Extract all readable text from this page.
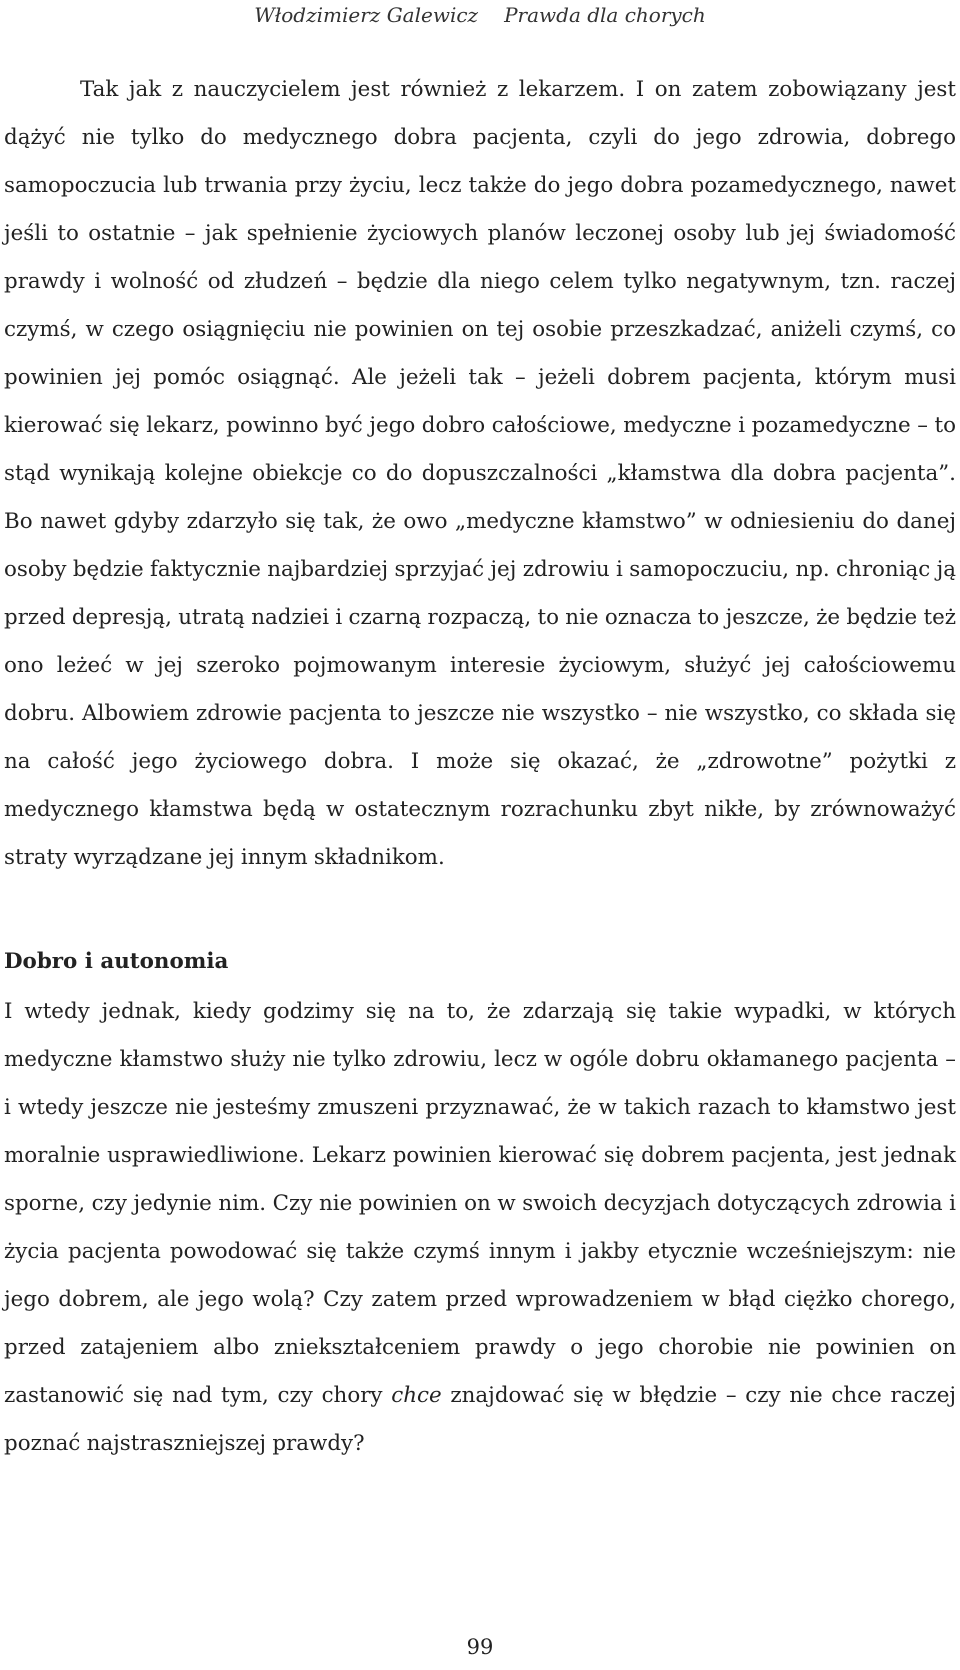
Włodzimierz Galewicz Prawda dla chorych

Tak jak z nauczycielem jest również z lekarzem. I on zatem zobowiązany jest dążyć nie tylko do medycznego dobra pacjenta, czyli do jego zdrowia, dobrego samopoczucia lub trwania przy życiu, lecz także do jego dobra pozamedycznego, nawet jeśli to ostatnie – jak spełnienie życiowych planów leczonej osoby lub jej świadomość prawdy i wolność od złudzeń – będzie dla niego celem tylko negatywnym, tzn. raczej czymś, w czego osiągnięciu nie powinien on tej osobie przeszkadzać, aniżeli czymś, co powinien jej pomóc osiągnąć. Ale jeżeli tak – jeżeli dobrem pacjenta, którym musi kierować się lekarz, powinno być jego dobro całościowe, medyczne i pozamedyczne – to stąd wynikają kolejne obiekcje co do dopuszczalności „kłamstwa dla dobra pacjenta”. Bo nawet gdyby zdarzyło się tak, że owo „medyczne kłamstwo” w odniesieniu do danej osoby będzie faktycznie najbardziej sprzyjać jej zdrowiu i samopoczuciu, np. chroniąc ją przed depresją, utratą nadziei i czarną rozpaczą, to nie oznacza to jeszcze, że będzie też ono leżeć w jej szeroko pojmowanym interesie życiowym, służyć jej całościowemu dobru. Albowiem zdrowie pacjenta to jeszcze nie wszystko – nie wszystko, co składa się na całość jego życiowego dobra. I może się okazać, że „zdrowotne” pożytki z medycznego kłamstwa będą w ostatecznym rozrachunku zbyt nikłe, by zrównoważyć straty wyrządzane jej innym składnikom.

Dobro i autonomia

I wtedy jednak, kiedy godzimy się na to, że zdarzają się takie wypadki, w których medyczne kłamstwo służy nie tylko zdrowiu, lecz w ogóle dobru okłamanego pacjenta – i wtedy jeszcze nie jesteśmy zmuszeni przyznawać, że w takich razach to kłamstwo jest moralnie usprawiedliwione. Lekarz powinien kierować się dobrem pacjenta, jest jednak sporne, czy jedynie nim. Czy nie powinien on w swoich decyzjach dotyczących zdrowia i życia pacjenta powodować się także czymś innym i jakby etycznie wcześniejszym: nie jego dobrem, ale jego wolą? Czy zatem przed wprowadzeniem w błąd ciężko chorego, przed zatajeniem albo zniekształceniem prawdy o jego chorobie nie powinien on zastanowić się nad tym, czy chory chce znajdować się w błędzie – czy nie chce raczej poznać najstraszniejszej prawdy?

99
